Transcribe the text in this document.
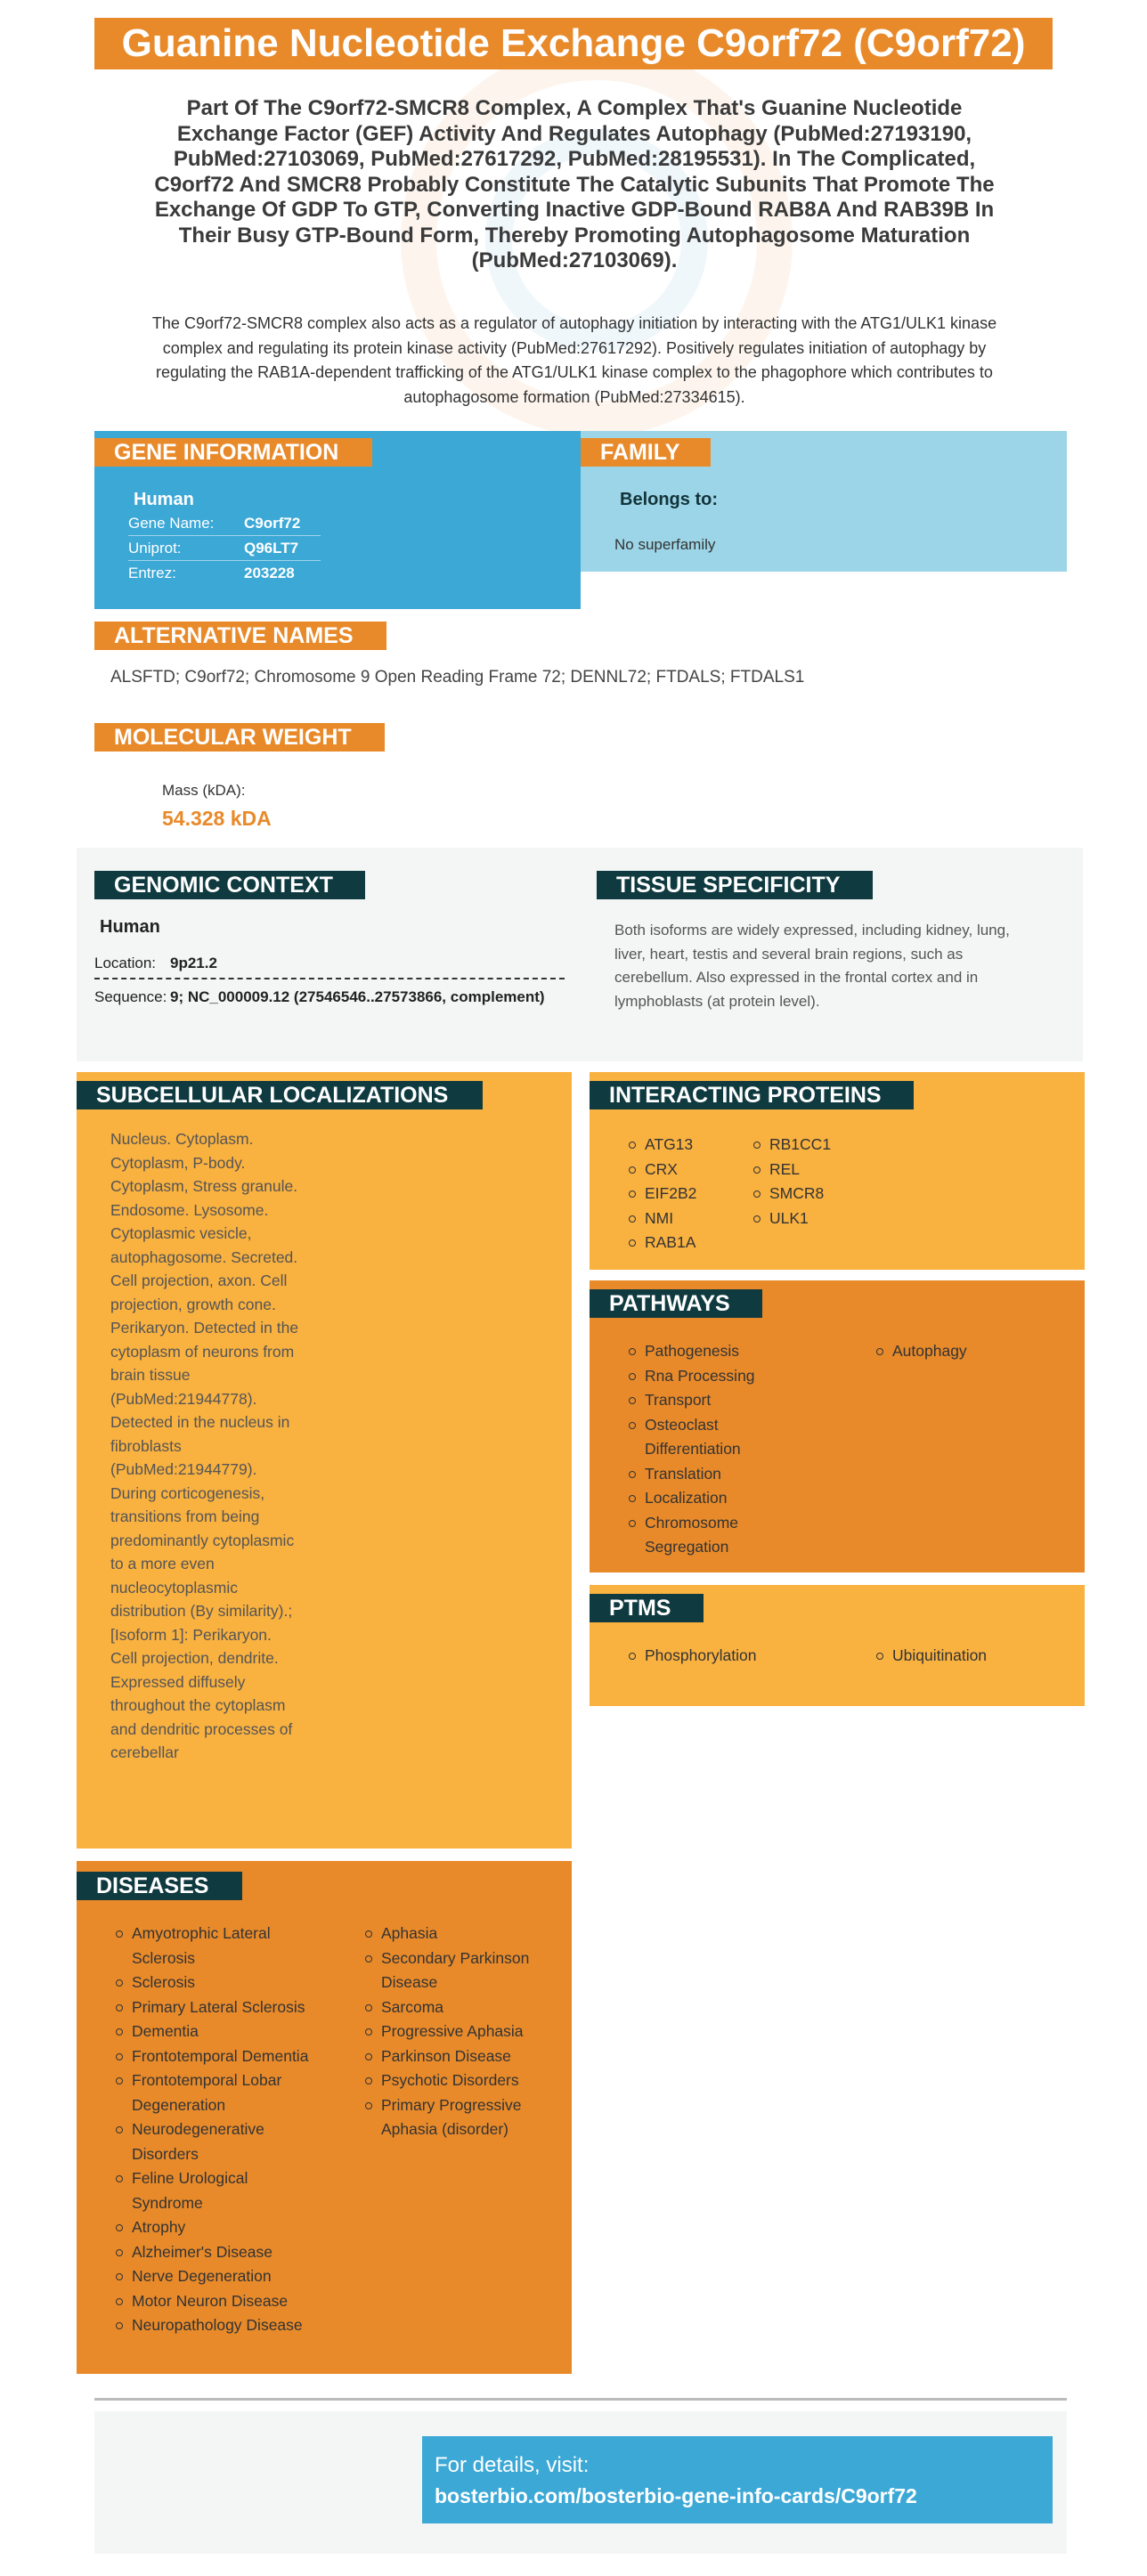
Guanine Nucleotide Exchange C9orf72 (C9orf72)
Part Of The C9orf72-SMCR8 Complex, A Complex That's Guanine Nucleotide Exchange Factor (GEF) Activity And Regulates Autophagy (PubMed:27193190, PubMed:27103069, PubMed:27617292, PubMed:28195531). In The Complicated, C9orf72 And SMCR8 Probably Constitute The Catalytic Subunits That Promote The Exchange Of GDP To GTP, Converting Inactive GDP-Bound RAB8A And RAB39B In Their Busy GTP-Bound Form, Thereby Promoting Autophagosome Maturation (PubMed:27103069).
The C9orf72-SMCR8 complex also acts as a regulator of autophagy initiation by interacting with the ATG1/ULK1 kinase complex and regulating its protein kinase activity (PubMed:27617292). Positively regulates initiation of autophagy by regulating the RAB1A-dependent trafficking of the ATG1/ULK1 kinase complex to the phagophore which contributes to autophagosome formation (PubMed:27334615).
GENE INFORMATION
Human
Gene Name: C9orf72
Uniprot:	Q96LT7
Entrez:	203228
FAMILY
Belongs to:
No superfamily
ALTERNATIVE NAMES
ALSFTD; C9orf72; Chromosome 9 Open Reading Frame 72; DENNL72; FTDALS; FTDALS1
MOLECULAR WEIGHT
Mass (kDA):
54.328 kDA
GENOMIC CONTEXT
Human
Location: 9p21.2
Sequence: 9; NC_000009.12 (27546546..27573866, complement)
TISSUE SPECIFICITY
Both isoforms are widely expressed, including kidney, lung, liver, heart, testis and several brain regions, such as cerebellum. Also expressed in the frontal cortex and in lymphoblasts (at protein level).
SUBCELLULAR LOCALIZATIONS
Nucleus. Cytoplasm. Cytoplasm, P-body. Cytoplasm, Stress granule. Endosome. Lysosome. Cytoplasmic vesicle, autophagosome. Secreted. Cell projection, axon. Cell projection, growth cone. Perikaryon. Detected in the cytoplasm of neurons from brain tissue (PubMed:21944778). Detected in the nucleus in fibroblasts (PubMed:21944779). During corticogenesis, transitions from being predominantly cytoplasmic to a more even nucleocytoplasmic distribution (By similarity).; [Isoform 1]: Perikaryon. Cell projection, dendrite. Expressed diffusely throughout the cytoplasm and dendritic processes of cerebellar
INTERACTING PROTEINS
ATG13
CRX
EIF2B2
NMI
RAB1A
RB1CC1
REL
SMCR8
ULK1
PATHWAYS
Pathogenesis
Rna Processing
Transport
Osteoclast Differentiation
Translation
Localization
Chromosome Segregation
Autophagy
PTMS
Phosphorylation	Ubiquitination
DISEASES
Amyotrophic Lateral Sclerosis
Sclerosis
Primary Lateral Sclerosis
Dementia
Frontotemporal Dementia
Frontotemporal Lobar Degeneration
Neurodegenerative Disorders
Feline Urological Syndrome
Atrophy
Alzheimer's Disease
Nerve Degeneration
Motor Neuron Disease
Neuropathology Disease
Aphasia
Secondary Parkinson Disease
Sarcoma
Progressive Aphasia
Parkinson Disease
Psychotic Disorders
Primary Progressive Aphasia (disorder)
For details, visit:
bosterbio.com/bosterbio-gene-info-cards/C9orf72
